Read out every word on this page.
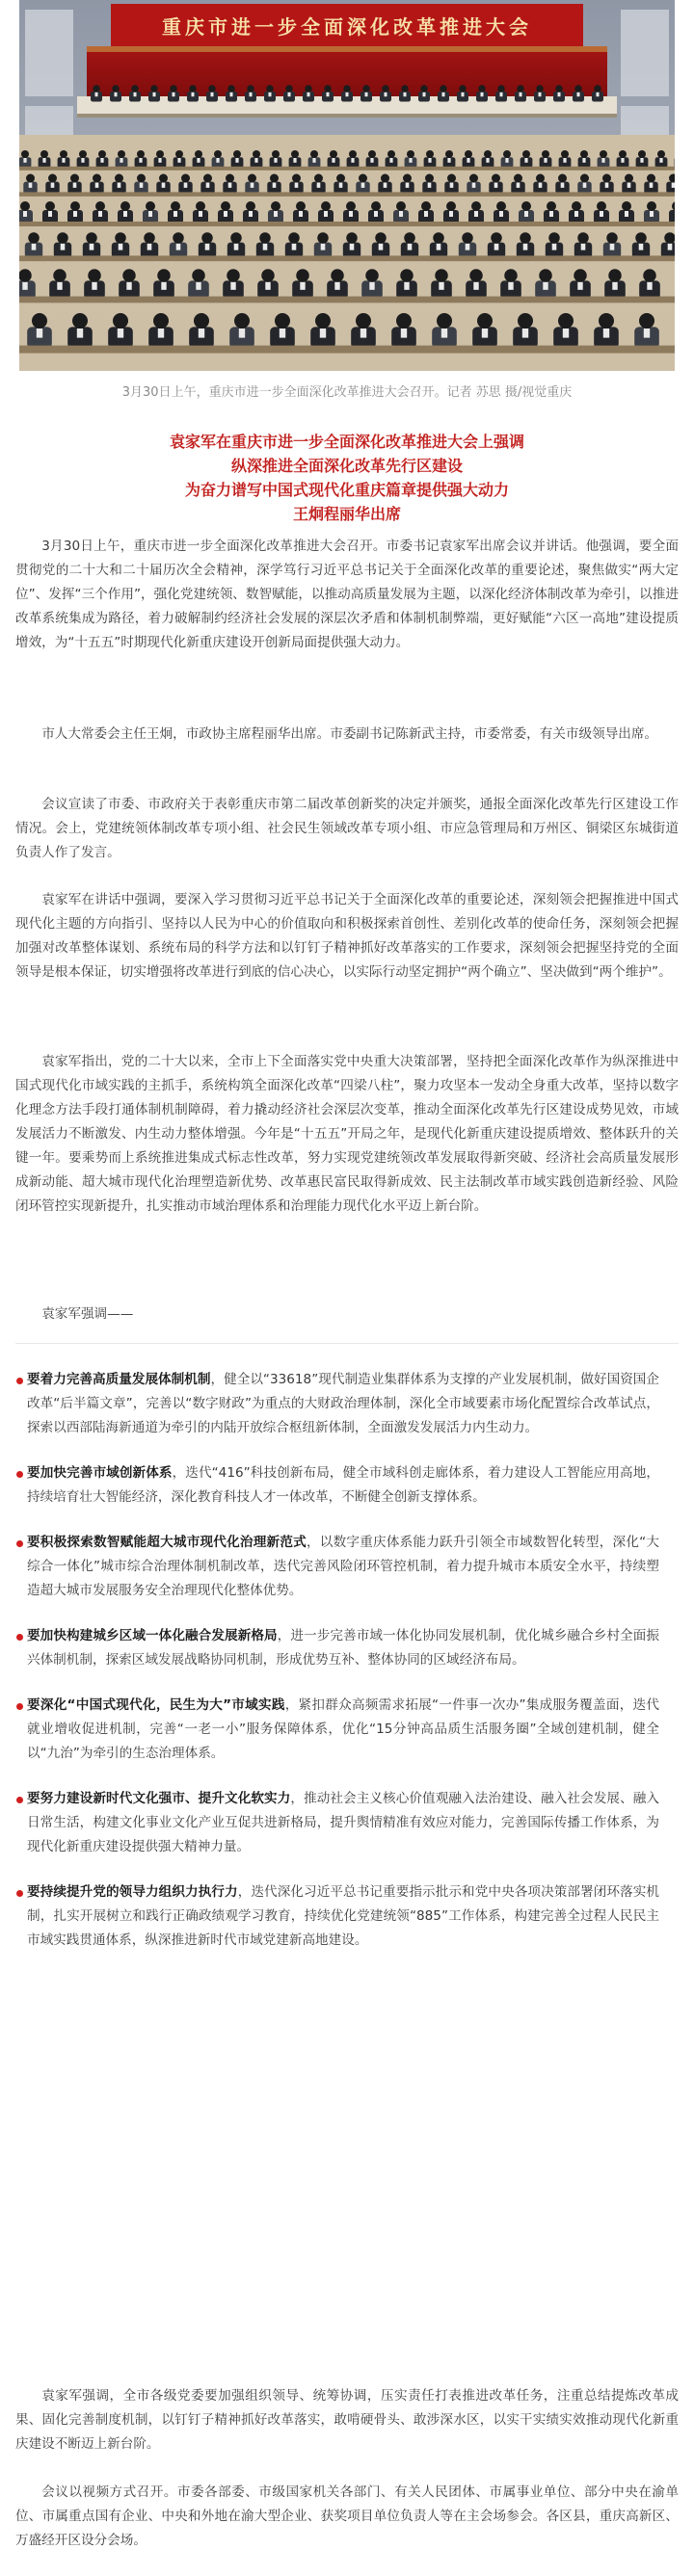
重庆市进一步全面深化改革推进大会
3月30日上午，重庆市进一步全面深化改革推进大会召开。记者 苏思 摄/视觉重庆
袁家军在重庆市进一步全面深化改革推进大会上强调
纵深推进全面深化改革先行区建设
为奋力谱写中国式现代化重庆篇章提供强大动力
王炯程丽华出席

3月30日上午，重庆市进一步全面深化改革推进大会召开。市委书记袁家军出席会议并讲话。他强调，要全面贯彻党的二十大和二十届历次全会精神，深学笃行习近平总书记关于全面深化改革的重要论述，聚焦做实“两大定位”、发挥“三个作用”，强化党建统领、数智赋能，以推动高质量发展为主题，以深化经济体制改革为牵引，以推进改革系统集成为路径，着力破解制约经济社会发展的深层次矛盾和体制机制弊端，更好赋能“六区一高地”建设提质增效，为“十五五”时期现代化新重庆建设开创新局面提供强大动力。

市人大常委会主任王炯，市政协主席程丽华出席。市委副书记陈新武主持，市委常委，有关市级领导出席。

会议宣读了市委、市政府关于表彰重庆市第二届改革创新奖的决定并颁奖，通报全面深化改革先行区建设工作情况。会上，党建统领体制改革专项小组、社会民生领域改革专项小组、市应急管理局和万州区、铜梁区东城街道负责人作了发言。

袁家军在讲话中强调，要深入学习贯彻习近平总书记关于全面深化改革的重要论述，深刻领会把握推进中国式现代化主题的方向指引、坚持以人民为中心的价值取向和积极探索首创性、差别化改革的使命任务，深刻领会把握加强对改革整体谋划、系统布局的科学方法和以钉钉子精神抓好改革落实的工作要求，深刻领会把握坚持党的全面领导是根本保证，切实增强将改革进行到底的信心决心，以实际行动坚定拥护“两个确立”、坚决做到“两个维护”。

袁家军指出，党的二十大以来，全市上下全面落实党中央重大决策部署，坚持把全面深化改革作为纵深推进中国式现代化市域实践的主抓手，系统构筑全面深化改革“四梁八柱”，聚力攻坚本一发动全身重大改革，坚持以数字化理念方法手段打通体制机制障碍，着力撬动经济社会深层次变革，推动全面深化改革先行区建设成势见效，市域发展活力不断激发、内生动力整体增强。今年是“十五五”开局之年，是现代化新重庆建设提质增效、整体跃升的关键一年。要乘势而上系统推进集成式标志性改革，努力实现党建统领改革发展取得新突破、经济社会高质量发展形成新动能、超大城市现代化治理塑造新优势、改革惠民富民取得新成效、民主法制改革市域实践创造新经验、风险闭环管控实现新提升，扎实推动市域治理体系和治理能力现代化水平迈上新台阶。

袁家军强调——

要着力完善高质量发展体制机制，健全以“33618”现代制造业集群体系为支撑的产业发展机制，做好国资国企改革“后半篇文章”，完善以“数字财政”为重点的大财政治理体制，深化全市域要素市场化配置综合改革试点，探索以西部陆海新通道为牵引的内陆开放综合枢纽新体制，全面激发发展活力内生动力。
要加快完善市域创新体系，迭代“416”科技创新布局，健全市域科创走廊体系，着力建设人工智能应用高地，持续培育壮大智能经济，深化教育科技人才一体改革，不断健全创新支撑体系。
要积极探索数智赋能超大城市现代化治理新范式，以数字重庆体系能力跃升引领全市域数智化转型，深化“大综合一体化”城市综合治理体制机制改革，迭代完善风险闭环管控机制，着力提升城市本质安全水平，持续塑造超大城市发展服务安全治理现代化整体优势。
要加快构建城乡区域一体化融合发展新格局，进一步完善市域一体化协同发展机制，优化城乡融合乡村全面振兴体制机制，探索区域发展战略协同机制，形成优势互补、整体协同的区域经济布局。
要深化“中国式现代化，民生为大”市域实践，紧扣群众高频需求拓展“一件事一次办”集成服务覆盖面，迭代就业增收促进机制，完善“一老一小”服务保障体系，优化“15分钟高品质生活服务圈”全域创建机制，健全以“九治”为牵引的生态治理体系。
要努力建设新时代文化强市、提升文化软实力，推动社会主义核心价值观融入法治建设、融入社会发展、融入日常生活，构建文化事业文化产业互促共进新格局，提升舆情精准有效应对能力，完善国际传播工作体系，为现代化新重庆建设提供强大精神力量。
要持续提升党的领导力组织力执行力，迭代深化习近平总书记重要指示批示和党中央各项决策部署闭环落实机制，扎实开展树立和践行正确政绩观学习教育，持续优化党建统领“885”工作体系，构建完善全过程人民民主市域实践贯通体系，纵深推进新时代市域党建新高地建设。

袁家军强调，全市各级党委要加强组织领导、统筹协调，压实责任打表推进改革任务，注重总结提炼改革成果、固化完善制度机制，以钉钉子精神抓好改革落实，敢啃硬骨头、敢涉深水区，以实干实绩实效推动现代化新重庆建设不断迈上新台阶。

会议以视频方式召开。市委各部委、市级国家机关各部门、有关人民团体、市属事业单位、部分中央在渝单位、市属重点国有企业、中央和外地在渝大型企业、获奖项目单位负责人等在主会场参会。各区县，重庆高新区、万盛经开区设分会场。
